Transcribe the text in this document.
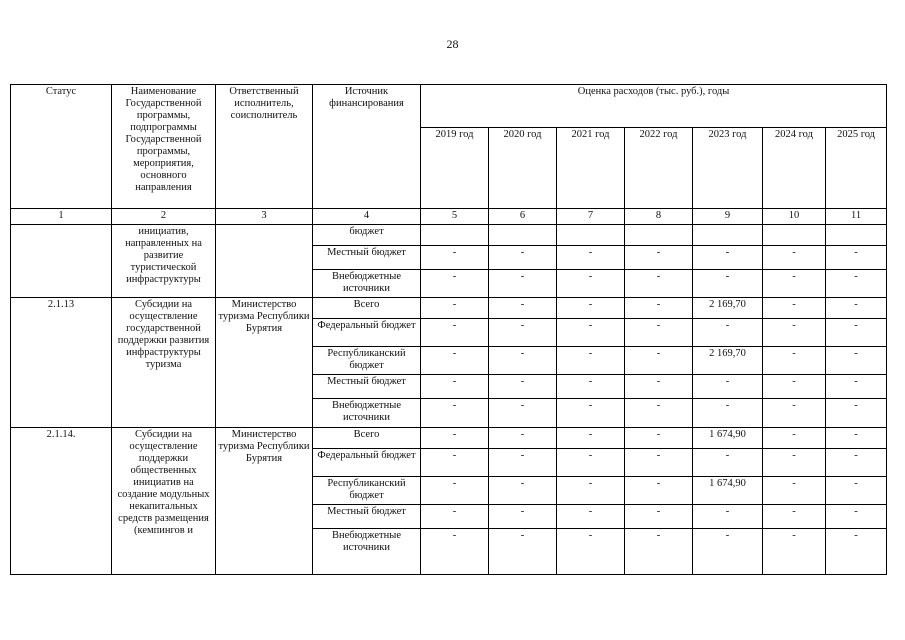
28
Статус	Наименование Государственной программы, подпрограммы Государственной программы, мероприятия, основного направления	Ответственный исполнитель, соисполнитель	Источник финансирования	Оценка расходов (тыс. руб.), годы						
				2019 год	2020 год	2021 год	2022 год	2023 год	2024 год	2025 год
1	2	3	4	5	6	7	8	9	10	11
	инициатив, направленных на развитие туристической инфраструктуры		бюджет							
			Местный бюджет	-	-	-	-	-	-	-
			Внебюджетные источники	-	-	-	-	-	-	-
2.1.13	Субсидии на осуществление государственной поддержки развития инфраструктуры туризма	Министерство туризма Республики Бурятия	Всего	-	-	-	-	2 169,70	-	-
			Федеральный бюджет	-	-	-	-	-	-	-
			Республиканский бюджет	-	-	-	-	2 169,70	-	-
			Местный бюджет	-	-	-	-	-	-	-
			Внебюджетные источники	-	-	-	-	-	-	-
2.1.14.	Субсидии на осуществление поддержки общественных инициатив на создание модульных некапитальных средств размещения (кемпингов и	Министерство туризма Республики Бурятия	Всего	-	-	-	-	1 674,90	-	-
			Федеральный бюджет	-	-	-	-	-	-	-
			Республиканский бюджет	-	-	-	-	1 674,90	-	-
			Местный бюджет	-	-	-	-	-	-	-
			Внебюджетные источники	-	-	-	-	-	-	-
